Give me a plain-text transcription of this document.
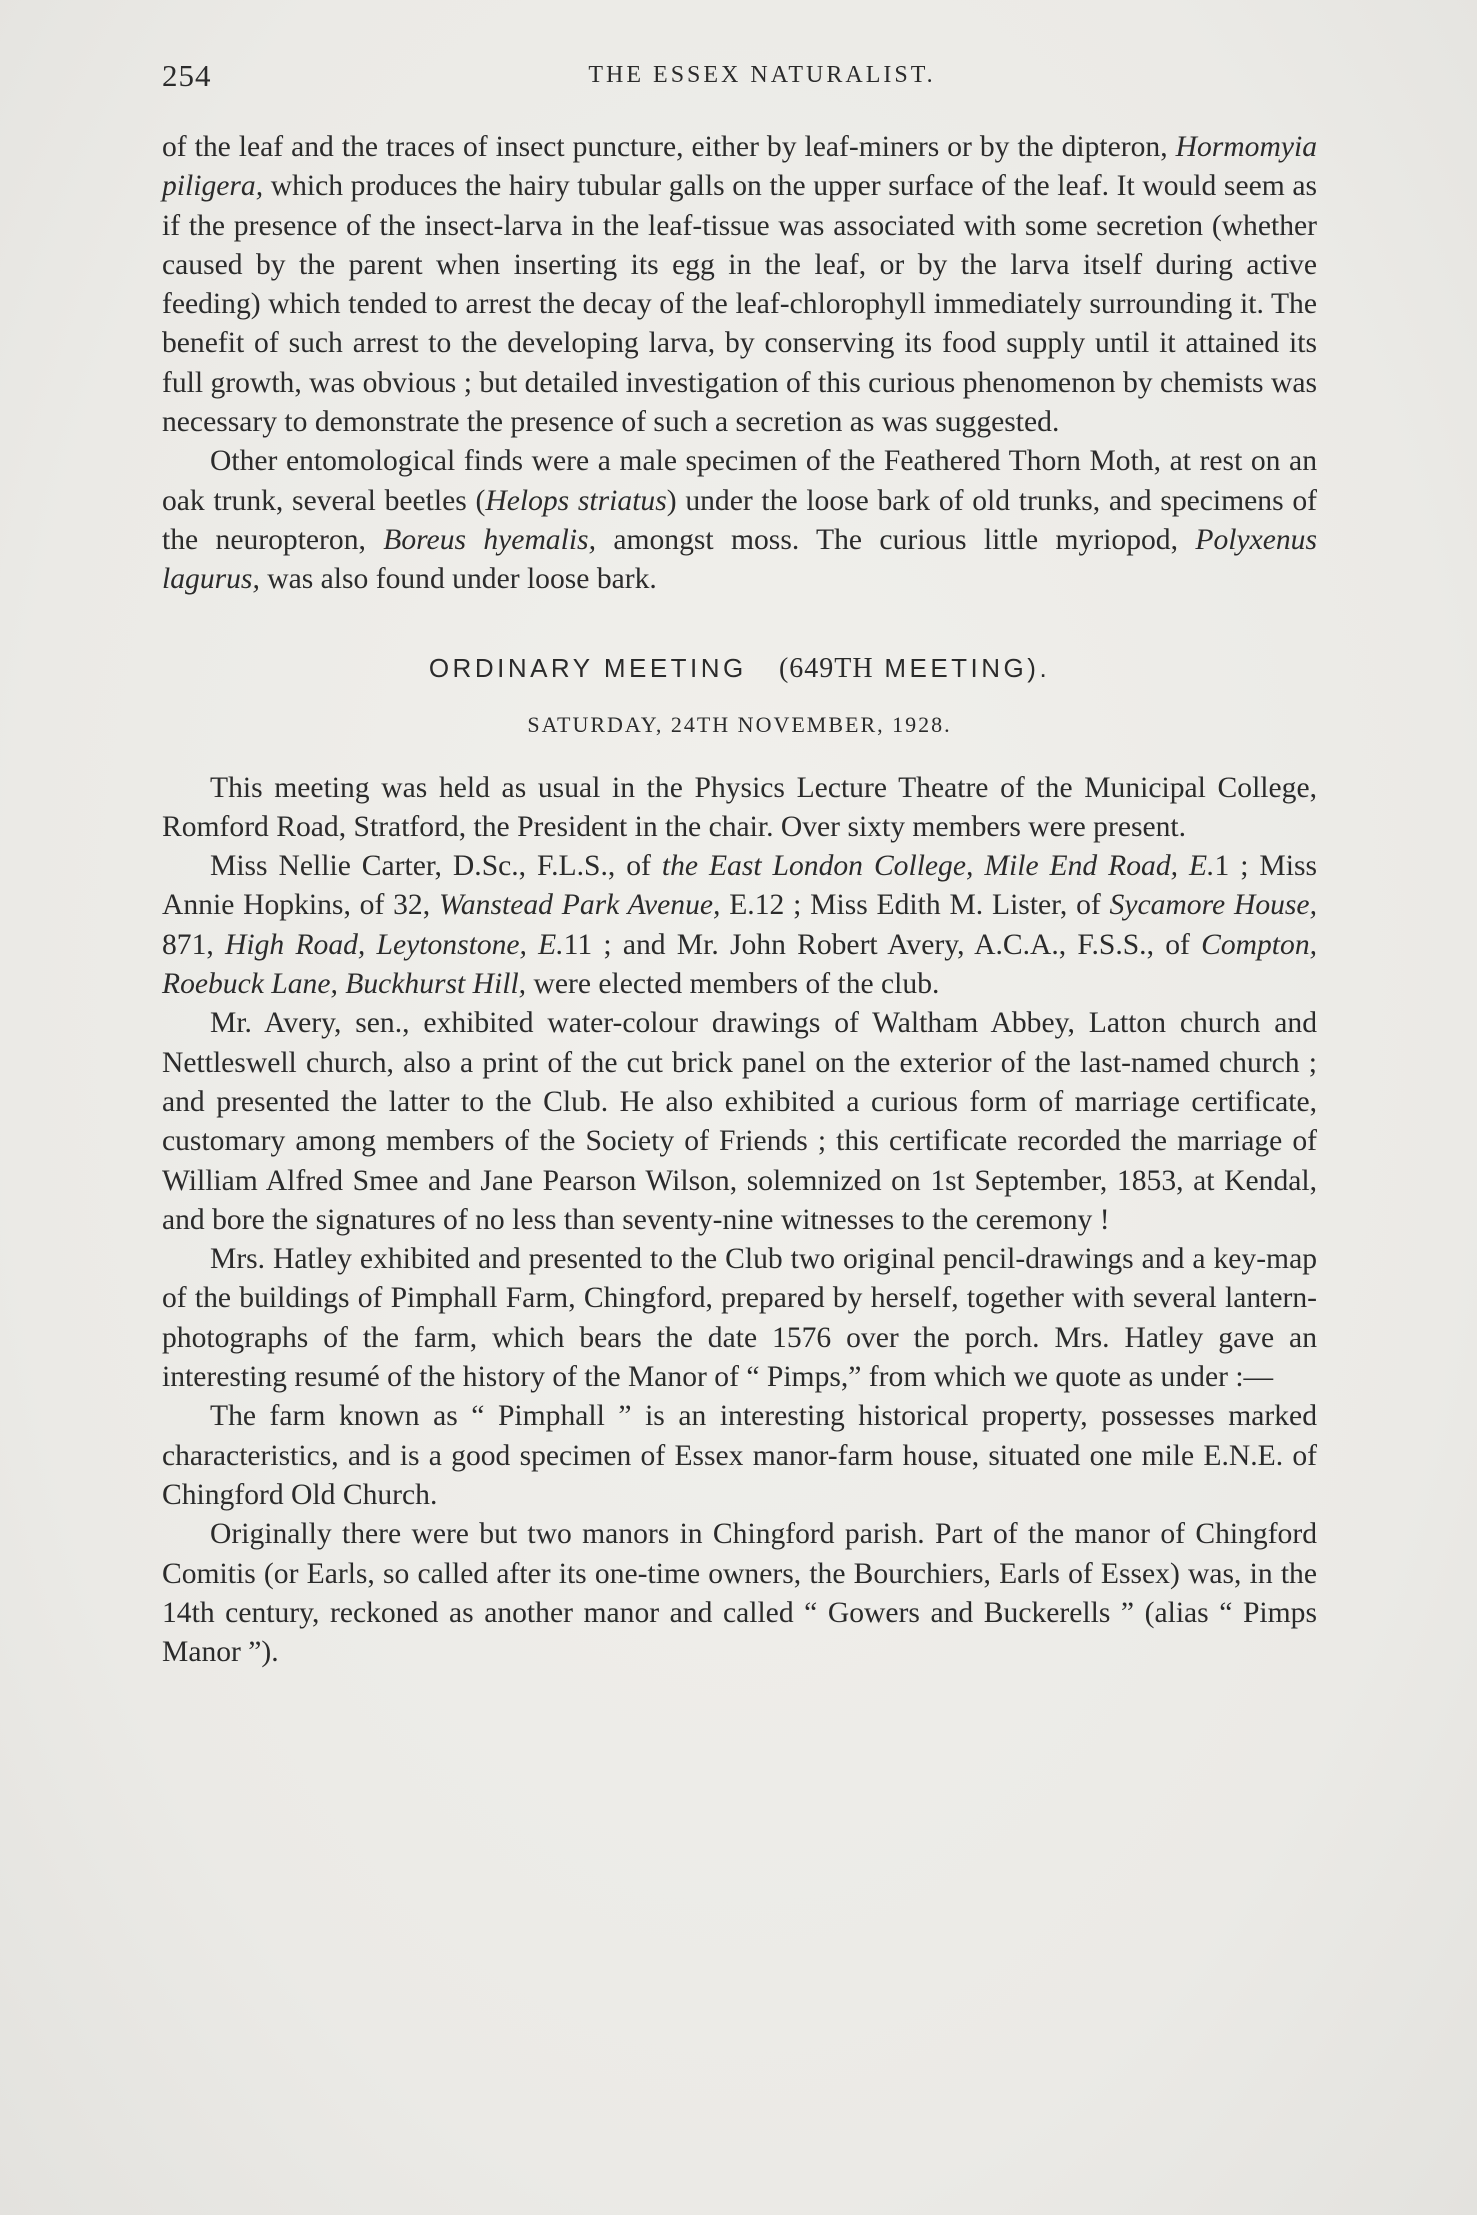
254	THE ESSEX NATURALIST.

of the leaf and the traces of insect puncture, either by leaf-miners or by the dipteron, Hormomyia piligera, which produces the hairy tubular galls on the upper surface of the leaf. It would seem as if the presence of the insect-larva in the leaf-tissue was associated with some secretion (whether caused by the parent when inserting its egg in the leaf, or by the larva itself during active feeding) which tended to arrest the decay of the leaf-chlorophyll immediately surrounding it. The benefit of such arrest to the developing larva, by conserving its food supply until it attained its full growth, was obvious ; but detailed investigation of this curious phenomenon by chemists was necessary to demonstrate the presence of such a secretion as was suggested.

Other entomological finds were a male specimen of the Feathered Thorn Moth, at rest on an oak trunk, several beetles (Helops striatus) under the loose bark of old trunks, and specimens of the neuropteron, Boreus hyemalis, amongst moss. The curious little myriopod, Polyxenus lagurus, was also found under loose bark.

ORDINARY MEETING (649TH MEETING).
SATURDAY, 24TH NOVEMBER, 1928.

This meeting was held as usual in the Physics Lecture Theatre of the Municipal College, Romford Road, Stratford, the President in the chair. Over sixty members were present.

Miss Nellie Carter, D.Sc., F.L.S., of the East London College, Mile End Road, E.1 ; Miss Annie Hopkins, of 32, Wanstead Park Avenue, E.12 ; Miss Edith M. Lister, of Sycamore House, 871, High Road, Leytonstone, E.11 ; and Mr. John Robert Avery, A.C.A., F.S.S., of Compton, Roebuck Lane, Buckhurst Hill, were elected members of the club.

Mr. Avery, sen., exhibited water-colour drawings of Waltham Abbey, Latton church and Nettleswell church, also a print of the cut brick panel on the exterior of the last-named church ; and presented the latter to the Club. He also exhibited a curious form of marriage certificate, customary among members of the Society of Friends ; this certificate recorded the marriage of William Alfred Smee and Jane Pearson Wilson, solemnized on 1st September, 1853, at Kendal, and bore the signatures of no less than seventy-nine witnesses to the ceremony !

Mrs. Hatley exhibited and presented to the Club two original pencil-drawings and a key-map of the buildings of Pimphall Farm, Chingford, prepared by herself, together with several lantern-photographs of the farm, which bears the date 1576 over the porch. Mrs. Hatley gave an interesting resumé of the history of the Manor of “ Pimps,” from which we quote as under :—

The farm known as “ Pimphall ” is an interesting historical property, possesses marked characteristics, and is a good specimen of Essex manor-farm house, situated one mile E.N.E. of Chingford Old Church.

Originally there were but two manors in Chingford parish. Part of the manor of Chingford Comitis (or Earls, so called after its one-time owners, the Bourchiers, Earls of Essex) was, in the 14th century, reckoned as another manor and called “ Gowers and Buckerells ” (alias “ Pimps Manor ”).
